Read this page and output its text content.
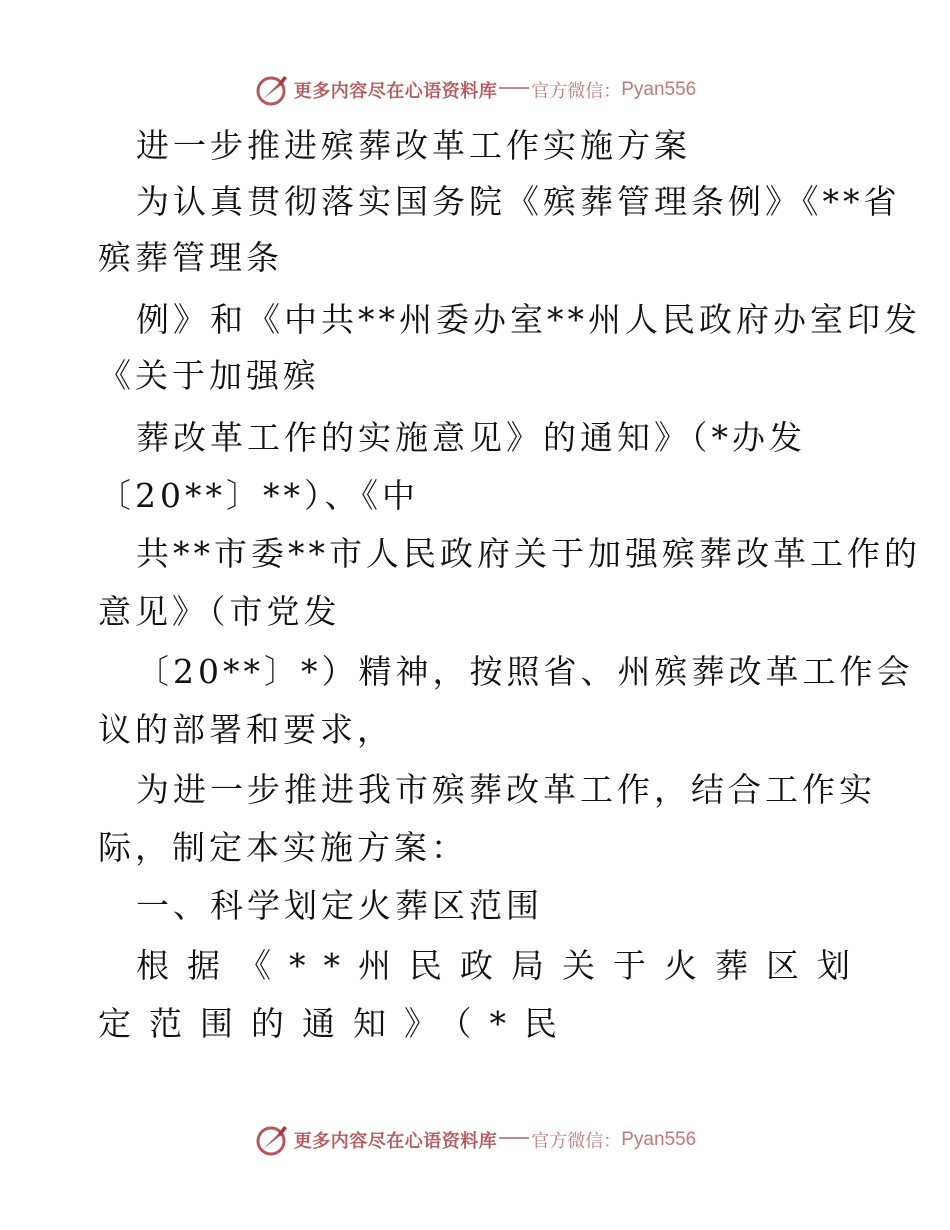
更多内容尽在心语资料库 官方微信： Pyan556
进一步推进殡葬改革工作实施方案
为认真贯彻落实国务院《殡葬管理条例》《**省
殡葬管理条
例》和《中共**州委办室**州人民政府办室印发
《关于加强殡
葬改革工作的实施意见》的通知》（*办发
〔20**〕**）、《中
共**市委**市人民政府关于加强殡葬改革工作的
意见》（市党发
〔20**〕*）精神，按照省、州殡葬改革工作会
议的部署和要求，
为进一步推进我市殡葬改革工作，结合工作实
际，制定本实施方案：
一、科学划定火葬区范围
根据《**州民政局关于火葬区划
定范围的通知》（*民
更多内容尽在心语资料库 官方微信： Pyan556
